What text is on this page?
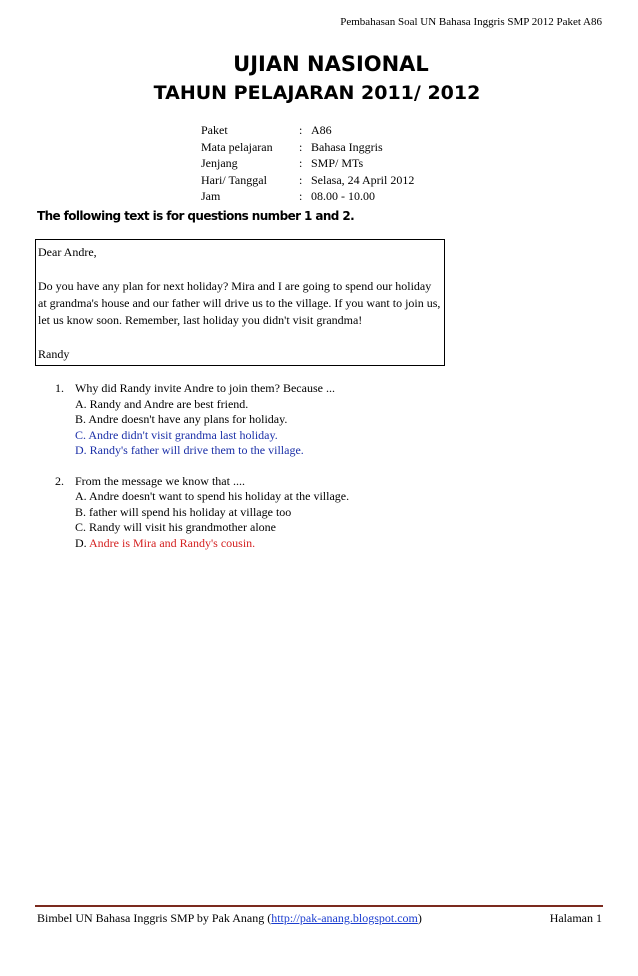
Pembahasan Soal UN Bahasa Inggris SMP 2012 Paket A86
UJIAN NASIONAL
TAHUN PELAJARAN 2011/ 2012
Paket	: A86
Mata pelajaran	: Bahasa Inggris
Jenjang	: SMP/ MTs
Hari/ Tanggal	: Selasa, 24 April 2012
Jam	: 08.00 - 10.00
The following text is for questions number 1 and 2.

Dear Andre,

Do you have any plan for next holiday? Mira and I are going to spend our holiday at grandma's house and our father will drive us to the village. If you want to join us, let us know soon. Remember, last holiday you didn't visit grandma!

Randy

1. Why did Randy invite Andre to join them? Because ...
A. Randy and Andre are best friend.
B. Andre doesn't have any plans for holiday.
C. Andre didn't visit grandma last holiday.
D. Randy's father will drive them to the village.
2. From the message we know that ....
A. Andre doesn't want to spend his holiday at the village.
B. father will spend his holiday at village too
C. Randy will visit his grandmother alone
D. Andre is Mira and Randy's cousin.
Bimbel UN Bahasa Inggris SMP by Pak Anang (http://pak-anang.blogspot.com)	Halaman 1
